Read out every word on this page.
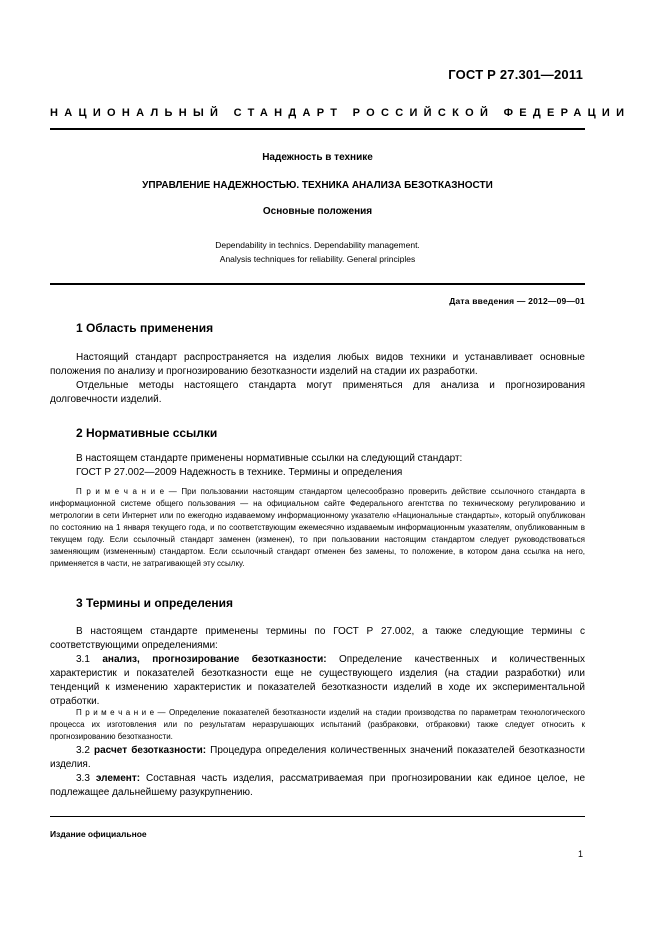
ГОСТ Р 27.301—2011
НАЦИОНАЛЬНЫЙ СТАНДАРТ РОССИЙСКОЙ ФЕДЕРАЦИИ
Надежность в технике
УПРАВЛЕНИЕ НАДЕЖНОСТЬЮ. ТЕХНИКА АНАЛИЗА БЕЗОТКАЗНОСТИ
Основные положения
Dependability in technics. Dependability management.
Analysis techniques for reliability. General principles
Дата введения — 2012—09—01
1 Область применения

Настоящий стандарт распространяется на изделия любых видов техники и устанавливает основные положения по анализу и прогнозированию безотказности изделий на стадии их разработки.

Отдельные методы настоящего стандарта могут применяться для анализа и прогнозирования долговечности изделий.

2 Нормативные ссылки

В настоящем стандарте применены нормативные ссылки на следующий стандарт:

ГОСТ Р 27.002—2009 Надежность в технике. Термины и определения

П р и м е ч а н и е — При пользовании настоящим стандартом целесообразно проверить действие ссылочного стандарта в информационной системе общего пользования — на официальном сайте Федерального агентства по техническому регулированию и метрологии в сети Интернет или по ежегодно издаваемому информационному указателю «Национальные стандарты», который опубликован по состоянию на 1 января текущего года, и по соответствующим ежемесячно издаваемым информационным указателям, опубликованным в текущем году. Если ссылочный стандарт заменен (изменен), то при пользовании настоящим стандартом следует руководствоваться заменяющим (измененным) стандартом. Если ссылочный стандарт отменен без замены, то положение, в котором дана ссылка на него, применяется в части, не затрагивающей эту ссылку.

3 Термины и определения

В настоящем стандарте применены термины по ГОСТ Р 27.002, а также следующие термины с соответствующими определениями:

3.1 анализ, прогнозирование безотказности: Определение качественных и количественных характеристик и показателей безотказности еще не существующего изделия (на стадии разработки) или тенденций к изменению характеристик и показателей безотказности изделий в ходе их экспериментальной отработки.

П р и м е ч а н и е — Определение показателей безотказности изделий на стадии производства по параметрам технологического процесса их изготовления или по результатам неразрушающих испытаний (разбраковки, отбраковки) также следует относить к прогнозированию безотказности.

3.2 расчет безотказности: Процедура определения количественных значений показателей безотказности изделия.

3.3 элемент: Составная часть изделия, рассматриваемая при прогнозировании как единое целое, не подлежащее дальнейшему разукрупнению.

Издание официальное
1
